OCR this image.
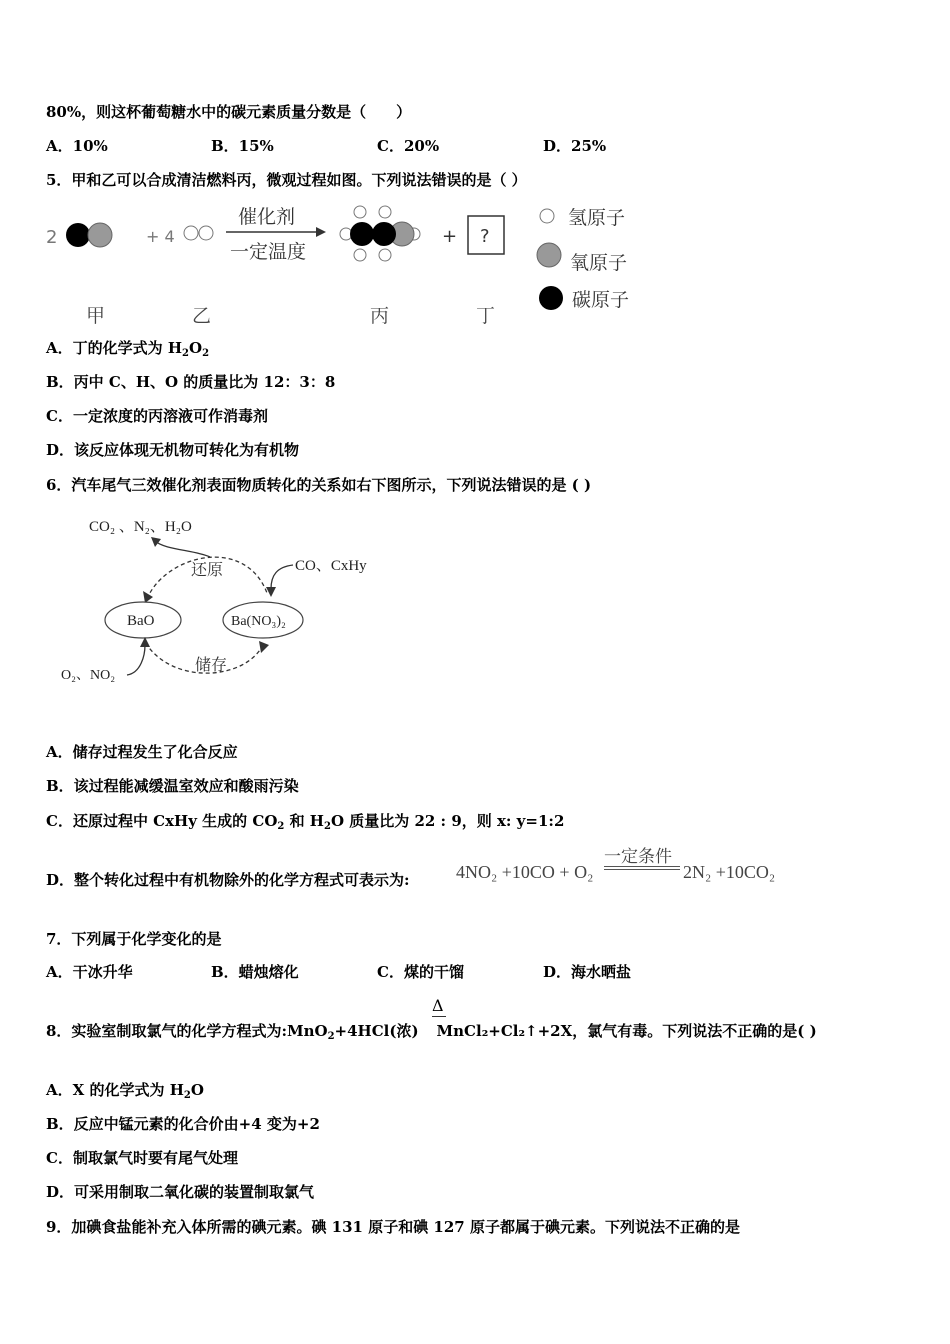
80%，则这杯葡萄糖水中的碳元素质量分数是（　　）
A．10%	B．15%	C．20%	D．25%
5．甲和乙可以合成清洁燃料丙，微观过程如图。下列说法错误的是（ ）
2	+ 4
催化剂
一定温度
+ ?
氢原子
氧原子
碳原子
甲	乙	丙	丁
A．丁的化学式为 $H_2O_2$
B．丙中 C、H、O 的质量比为 12：3：8
C．一定浓度的丙溶液可作消毒剂
D．该反应体现无机物可转化为有机物
6．汽车尾气三效催化剂表面物质转化的关系如右下图所示，下列说法错误的是 ( )
CO₂ 、N₂、H₂O
还原	CO、CxHy
BaO	Ba(NO₃)₂
O₂、NO₂
储存
A．储存过程发生了化合反应
B．该过程能减缓温室效应和酸雨污染
C．还原过程中 CxHy 生成的 $CO_2$ 和 $H_2O$ 质量比为 22 : 9，则 x: y=1:2
D．整个转化过程中有机物除外的化学方程式可表示为:	4NO₂ +10CO + O₂
一定条件
2N₂ +10CO₂
7．下列属于化学变化的是
A．干冰升华	B．蜡烛熔化	C．煤的干馏	D．海水晒盐
Δ
8．实验室制取氯气的化学方程式为:MnO$_2$+4HCl(浓) MnCl₂+Cl₂↑+2X，氯气有毒。下列说法不正确的是( )
A．X 的化学式为 $H_2O$
B．反应中锰元素的化合价由+4 变为+2
C．制取氯气时要有尾气处理
D．可采用制取二氧化碳的装置制取氯气
9．加碘食盐能补充入体所需的碘元素。碘 131 原子和碘 127 原子都属于碘元素。下列说法不正确的是
